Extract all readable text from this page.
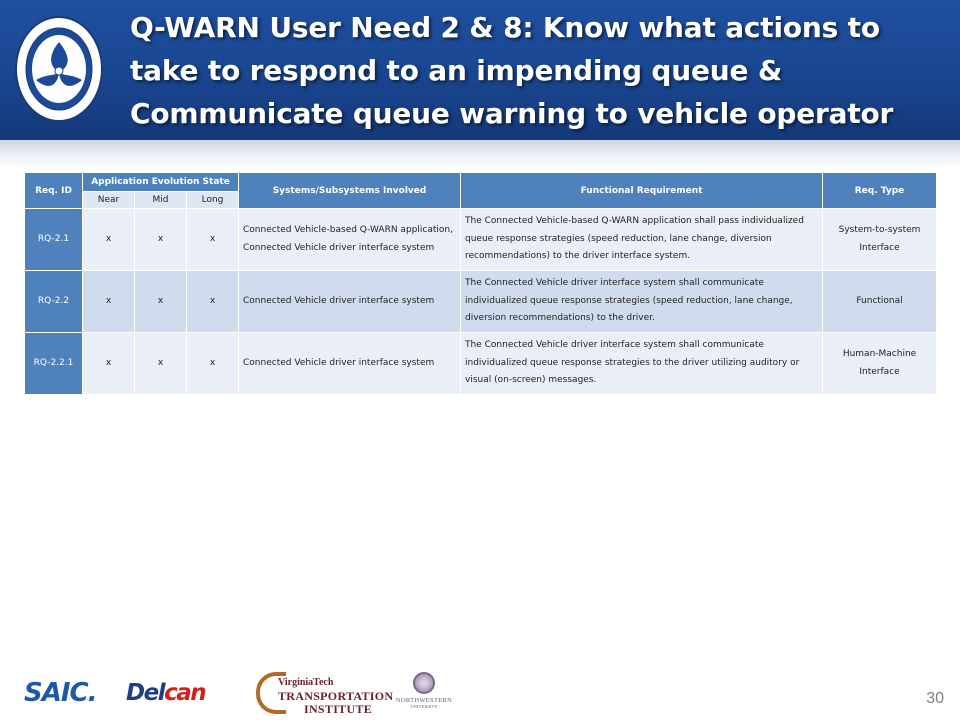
Q-WARN User Need 2 & 8: Know what actions to take to respond to an impending queue & Communicate queue warning to vehicle operator
Req. ID	Application Evolution State			Systems/Subsystems Involved	Functional Requirement	Req. Type
	Near	Mid	Long			
RQ-2.1	x	x	x	Connected Vehicle-based Q-WARN application, Connected Vehicle driver interface system	The Connected Vehicle-based Q-WARN application shall pass individualized queue response strategies (speed reduction, lane change, diversion recommendations) to the driver interface system.	System-to-system Interface
RQ-2.2	x	x	x	Connected Vehicle driver interface system	The Connected Vehicle driver interface system shall communicate individualized queue response strategies (speed reduction, lane change, diversion recommendations) to the driver.	Functional
RQ-2.2.1	x	x	x	Connected Vehicle driver interface system	The Connected Vehicle driver interface system shall communicate individualized queue response strategies to the driver utilizing auditory or visual (on-screen) messages.	Human-Machine Interface
SAIC. Delcan	VirginiaTech
TRANSPORTATION
INSTITUTE
NORTHWESTERN
UNIVERSITY	30
